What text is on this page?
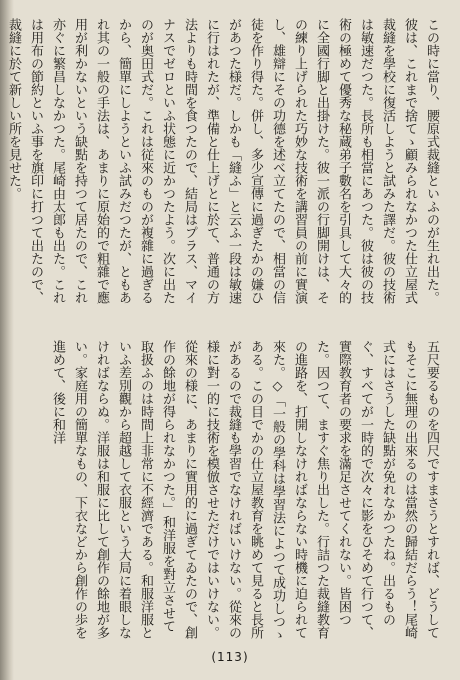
この時に當り、腰原式裁縫といふのが生れ出た。彼は、これまで捨てゝ顧みられなかつた仕立屋式裁縫を學校に復活しようと試みた譯だ。彼の技術は敏速だつた。長所も相當にあつた。彼は彼の技術の極めて優秀な秘蔵弟子數名を引具して大々的に全國行脚と出掛けた。彼一派の行脚開けは、その練り上げられた巧妙な技術を講習員の前に實演し、雄辯にその功德を述べ立てたので、相當の信徒を作り得た。併し、多少宣傳に過ぎたかの嫌ひがあつた様だ。しかも「縫ふ」と云ふ一段は敏速に行はれたが、準備と仕上げとに於て、普通の方法よりも時間を食つたので、結局はプラス、マイナスでゼロといふ状態に近かつたよう。次に出たのが奥田式だ。これは従來のものが複雜に過ぎるから、簡單にしようといふ試みだつたが、ともあれ其の一般の手法は、あまりに原始的で粗雜で應用が利かないという缺點を持つて居たので、これ亦ぐに繁昌しなかつた。尾崎由太郎も出た。これは用布の節約といふ事を旗印に打つて出たので、裁縫に於て新しい所を見せた。

五尺要るものを四尺ですまさうとすれば、どうしてもそこに無理の出來るのは當然の歸結だらう！尾崎式にはさうした缺點が免れなかつたね。出るものぐ、すべてが一時的で次々に影をひそめて行つて、實際教育者の要求を滿足させてくれない。皆困つた。因つて、ますぐ焦り出した。行詰つた裁縫教育の進路を、打開しなければならない時機に迫られて來た。◇「一般の學科は學習法によつて成功しつゝある。この目でかの仕立屋教育を眺めて見ると長所があるので裁縫も學習でなければいけない。從來の様に對一的に技術を模倣させただけではいけない。從來の様に、あまりに實用的に過ぎてゐたので、創作の餘地が得られなかつた。」和洋服を對立させて取扱ふのは時間上非常に不經濟である。和服洋服といふ差別觀から超越して衣服という大局に着眼しなければならぬ。洋服は和服に比して創作の餘地が多い。家庭用の簡單なもの、下衣などから創作の歩を進めて、後に和洋

(113)
